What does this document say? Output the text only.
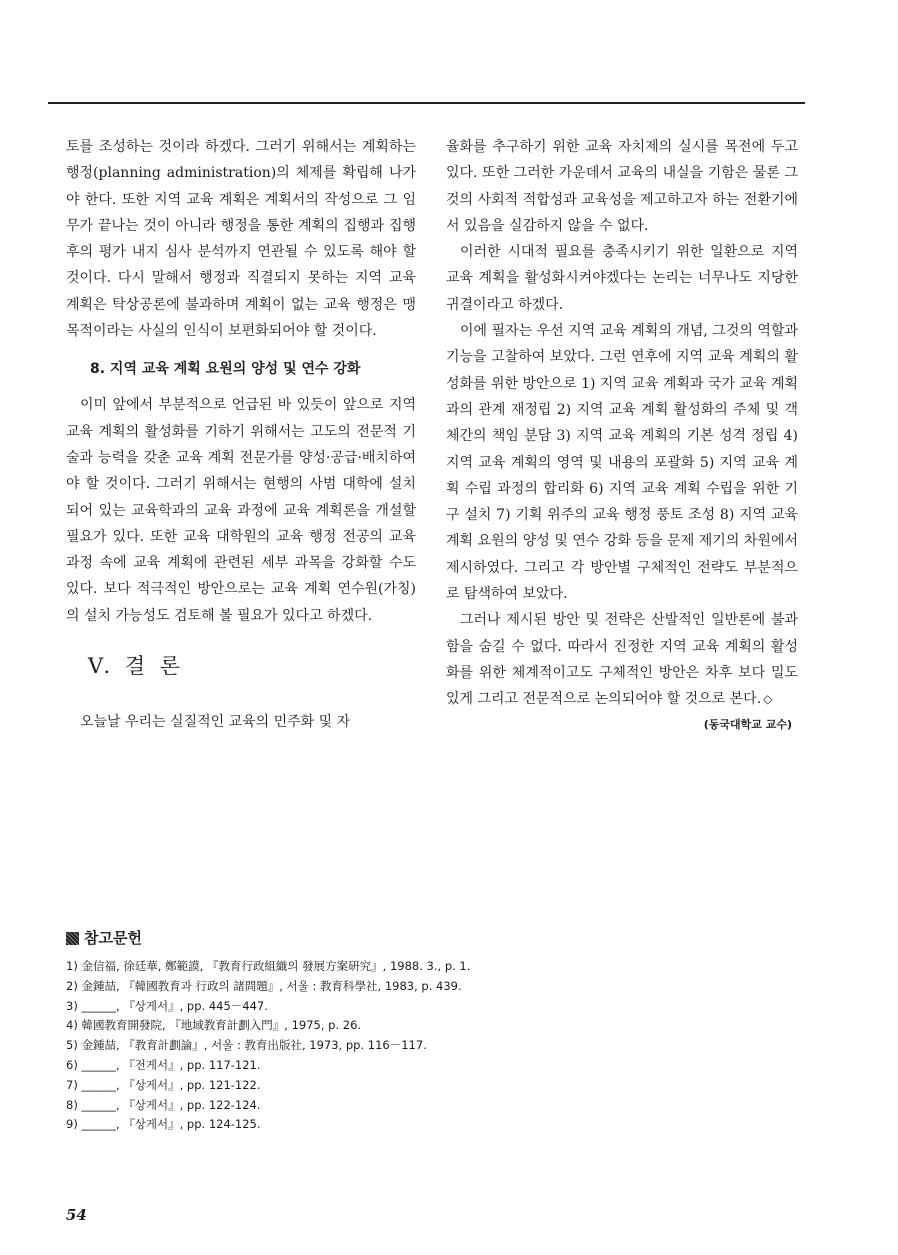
토를 조성하는 것이라 하겠다. 그러기 위해서는 계획하는 행정(planning administration)의 체제를 확립해 나가야 한다. 또한 지역 교육 계획은 계획서의 작성으로 그 임무가 끝나는 것이 아니라 행정을 통한 계획의 집행과 집행 후의 평가 내지 심사 분석까지 연관될 수 있도록 해야 할 것이다. 다시 말해서 행정과 직결되지 못하는 지역 교육 계획은 탁상공론에 불과하며 계획이 없는 교육 행정은 맹목적이라는 사실의 인식이 보편화되어야 할 것이다.

8. 지역 교육 계획 요원의 양성 및 연수 강화

이미 앞에서 부분적으로 언급된 바 있듯이 앞으로 지역 교육 계획의 활성화를 기하기 위해서는 고도의 전문적 기술과 능력을 갖춘 교육 계획 전문가를 양성·공급·배치하여야 할 것이다. 그러기 위해서는 현행의 사범 대학에 설치되어 있는 교육학과의 교육 과정에 교육 계획론을 개설할 필요가 있다. 또한 교육 대학원의 교육 행정 전공의 교육 과정 속에 교육 계획에 관련된 세부 과목을 강화할 수도 있다. 보다 적극적인 방안으로는 교육 계획 연수원(가칭)의 설치 가능성도 검토해 볼 필요가 있다고 하겠다.

V. 결 론

오늘날 우리는 실질적인 교육의 민주화 및 자

율화를 추구하기 위한 교육 자치제의 실시를 목전에 두고 있다. 또한 그러한 가운데서 교육의 내실을 기함은 물론 그것의 사회적 적합성과 교육성을 제고하고자 하는 전환기에 서 있음을 실감하지 않을 수 없다.

이러한 시대적 필요를 충족시키기 위한 일환으로 지역 교육 계획을 활성화시켜야겠다는 논리는 너무나도 지당한 귀결이라고 하겠다.

이에 필자는 우선 지역 교육 계획의 개념, 그것의 역할과 기능을 고찰하여 보았다. 그런 연후에 지역 교육 계획의 활성화를 위한 방안으로 1) 지역 교육 계획과 국가 교육 계획과의 관계 재정립 2) 지역 교육 계획 활성화의 주체 및 객체간의 책임 분담 3) 지역 교육 계획의 기본 성격 정립 4) 지역 교육 계획의 영역 및 내용의 포괄화 5) 지역 교육 계획 수립 과정의 합리화 6) 지역 교육 계획 수립을 위한 기구 설치 7) 기획 위주의 교육 행정 풍토 조성 8) 지역 교육 계획 요원의 양성 및 연수 강화 등을 문제 제기의 차원에서 제시하였다. 그리고 각 방안별 구체적인 전략도 부분적으로 탐색하여 보았다.

그러나 제시된 방안 및 전략은 산발적인 일반론에 불과함을 숨길 수 없다. 따라서 진정한 지역 교육 계획의 활성화를 위한 체계적이고도 구체적인 방안은 차후 보다 밀도있게 그리고 전문적으로 논의되어야 할 것으로 본다. ◇

(동국대학교 교수)
참고문헌
1) 金信福, 徐廷華, 鄭範謨, 『教育行政組織의 發展方案硏究』, 1988. 3., p. 1.
2) 金鍾喆, 『韓國教育과 行政의 諸問題』, 서울 : 教育科學社, 1983, p. 439.
3) ______, 『상게서』, pp. 445－447.
4) 韓國教育開發院, 『地域教育計劃入門』, 1975, p. 26.
5) 金鍾喆, 『教育計劃論』, 서울 : 教育出版社, 1973, pp. 116－117.
6) ______, 『전게서』, pp. 117-121.
7) ______, 『상게서』, pp. 121-122.
8) ______, 『상게서』, pp. 122-124.
9) ______, 『상게서』, pp. 124-125.
54
